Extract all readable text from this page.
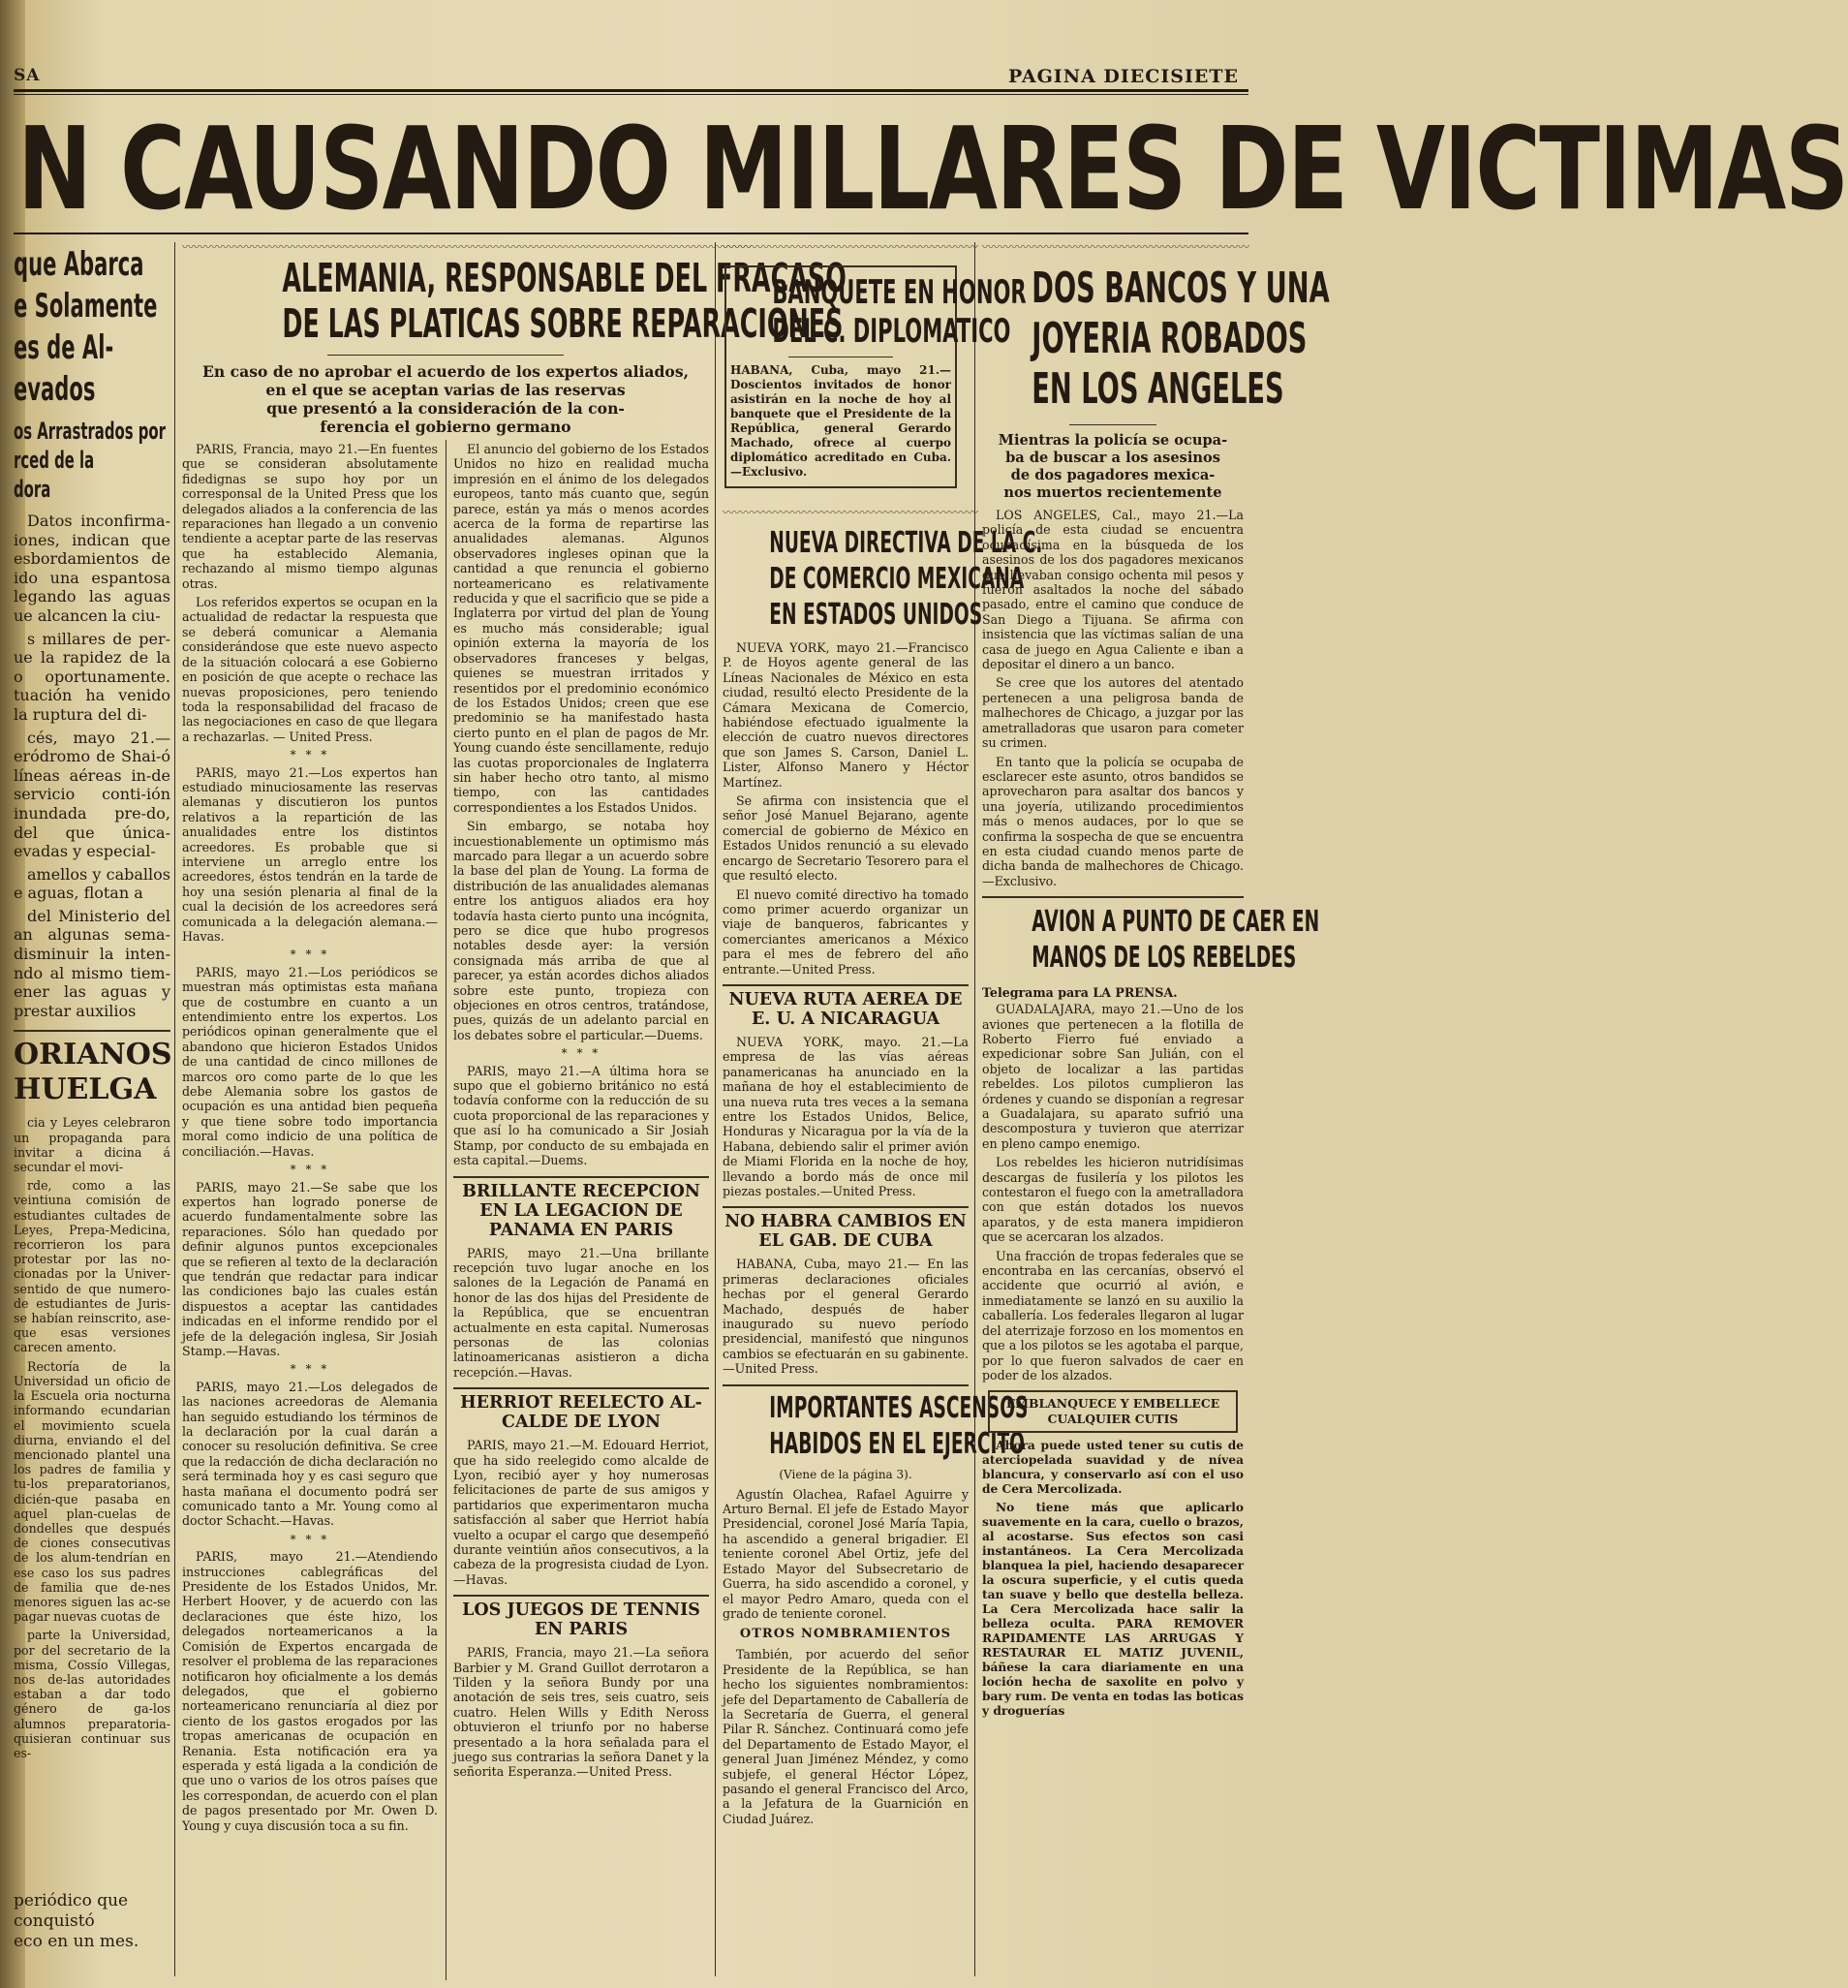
SA	PAGINA DIECISIETE
N CAUSANDO MILLARES DE VICTIMAS
que Abarca
e Solamente
es de Al-
evados
os Arrastrados por
rced de la
dora

Datos inconfirma-iones, indican que esbordamientos de ido una espantosa legando las aguas ue alcancen la ciu-

s millares de per-ue la rapidez de la o oportunamente. tuación ha venido la ruptura del di-

cés, mayo 21.— eródromo de Shai-ó líneas aéreas in-de servicio conti-ión inundada pre-do, del que única-evadas y especial-

amellos y caballos e aguas, flotan a

del Ministerio del an algunas sema-disminuir la inten-ndo al mismo tiem-ener las aguas y prestar auxilios

ORIANOS
HUELGA

cia y Leyes celebraron un propaganda para invitar a dicina á secundar el movi-

rde, como a las veintiuna comisión de estudiantes cultades de Leyes, Prepa-Medicina, recorrieron los para protestar por las no-cionadas por la Univer-sentido de que numero-de estudiantes de Juris-se habían reinscrito, ase-que esas versiones carecen amento.

Rectoría de la Universidad un oficio de la Escuela oria nocturna informando ecundarian el movimiento scuela diurna, enviando el del mencionado plantel una los padres de familia y tu-los preparatorianos, dicién-que pasaba en aquel plan-cuelas de dondelles que después de ciones consecutivas de los alum-tendrían en ese caso los sus padres de familia que de-nes menores siguen las ac-se pagar nuevas cuotas de

parte la Universidad, por del secretario de la misma, Cossío Villegas, nos de-las autoridades estaban a dar todo género de ga-los alumnos preparatoria-quisieran continuar sus es-

periódico que conquistó
eco en un mes.
〰〰〰〰〰〰〰〰〰〰〰〰〰〰〰〰〰〰〰〰〰〰〰〰〰〰〰〰〰〰〰〰〰〰〰〰〰〰〰〰〰〰〰〰〰〰〰〰〰
ALEMANIA, RESPONSABLE DEL FRACASO
DE LAS PLATICAS SOBRE REPARACIONES
En caso de no aprobar el acuerdo de los expertos aliados,
en el que se aceptan varias de las reservas
que presentó a la consideración de la con-
ferencia el gobierno germano

PARIS, Francia, mayo 21.—En fuentes que se consideran absolutamente fidedignas se supo hoy por un corresponsal de la United Press que los delegados aliados a la conferencia de las reparaciones han llegado a un convenio tendiente a aceptar parte de las reservas que ha establecido Alemania, rechazando al mismo tiempo algunas otras.

Los referidos expertos se ocupan en la actualidad de redactar la respuesta que se deberá comunicar a Alemania considerándose que este nuevo aspecto de la situación colocará a ese Gobierno en posición de que acepte o rechace las nuevas proposiciones, pero teniendo toda la responsabilidad del fracaso de las negociaciones en caso de que llegara a rechazarlas. — United Press.

* * *

PARIS, mayo 21.—Los expertos han estudiado minuciosamente las reservas alemanas y discutieron los puntos relativos a la repartición de las anualidades entre los distintos acreedores. Es probable que si interviene un arreglo entre los acreedores, éstos tendrán en la tarde de hoy una sesión plenaria al final de la cual la decisión de los acreedores será comunicada a la delegación alemana.—Havas.

* * *

PARIS, mayo 21.—Los periódicos se muestran más optimistas esta mañana que de costumbre en cuanto a un entendimiento entre los expertos. Los periódicos opinan generalmente que el abandono que hicieron Estados Unidos de una cantidad de cinco millones de marcos oro como parte de lo que les debe Alemania sobre los gastos de ocupación es una antidad bien pequeña y que tiene sobre todo importancia moral como indicio de una política de conciliación.—Havas.

* * *

PARIS, mayo 21.—Se sabe que los expertos han logrado ponerse de acuerdo fundamentalmente sobre las reparaciones. Sólo han quedado por definir algunos puntos excepcionales que se refieren al texto de la declaración que tendrán que redactar para indicar las condiciones bajo las cuales están dispuestos a aceptar las cantidades indicadas en el informe rendido por el jefe de la delegación inglesa, Sir Josiah Stamp.—Havas.

* * *

PARIS, mayo 21.—Los delegados de las naciones acreedoras de Alemania han seguido estudiando los términos de la declaración por la cual darán a conocer su resolución definitiva. Se cree que la redacción de dicha declaración no será terminada hoy y es casi seguro que hasta mañana el documento podrá ser comunicado tanto a Mr. Young como al doctor Schacht.—Havas.

* * *

PARIS, mayo 21.—Atendiendo instrucciones cablegráficas del Presidente de los Estados Unidos, Mr. Herbert Hoover, y de acuerdo con las declaraciones que éste hizo, los delegados norteamericanos a la Comisión de Expertos encargada de resolver el problema de las reparaciones notificaron hoy oficialmente a los demás delegados, que el gobierno norteamericano renunciaría al diez por ciento de los gastos erogados por las tropas americanas de ocupación en Renania. Esta notificación era ya esperada y está ligada a la condición de que uno o varios de los otros países que les correspondan, de acuerdo con el plan de pagos presentado por Mr. Owen D. Young y cuya discusión toca a su fin.

El anuncio del gobierno de los Estados Unidos no hizo en realidad mucha impresión en el ánimo de los delegados europeos, tanto más cuanto que, según parece, están ya más o menos acordes acerca de la forma de repartirse las anualidades alemanas. Algunos observadores ingleses opinan que la cantidad a que renuncia el gobierno norteamericano es relativamente reducida y que el sacrificio que se pide a Inglaterra por virtud del plan de Young es mucho más considerable; igual opinión externa la mayoría de los observadores franceses y belgas, quienes se muestran irritados y resentidos por el predominio económico de los Estados Unidos; creen que ese predominio se ha manifestado hasta cierto punto en el plan de pagos de Mr. Young cuando éste sencillamente, redujo las cuotas proporcionales de Inglaterra sin haber hecho otro tanto, al mismo tiempo, con las cantidades correspondientes a los Estados Unidos.

Sin embargo, se notaba hoy incuestionablemente un optimismo más marcado para llegar a un acuerdo sobre la base del plan de Young. La forma de distribución de las anualidades alemanas entre los antiguos aliados era hoy todavía hasta cierto punto una incógnita, pero se dice que hubo progresos notables desde ayer: la versión consignada más arriba de que al parecer, ya están acordes dichos aliados sobre este punto, tropieza con objeciones en otros centros, tratándose, pues, quizás de un adelanto parcial en los debates sobre el particular.—Duems.

* * *

PARIS, mayo 21.—A última hora se supo que el gobierno británico no está todavía conforme con la reducción de su cuota proporcional de las reparaciones y que así lo ha comunicado a Sir Josiah Stamp, por conducto de su embajada en esta capital.—Duems.

BRILLANTE RECEPCION
EN LA LEGACION DE
PANAMA EN PARIS

PARIS, mayo 21.—Una brillante recepción tuvo lugar anoche en los salones de la Legación de Panamá en honor de las dos hijas del Presidente de la República, que se encuentran actualmente en esta capital. Numerosas personas de las colonias latinoamericanas asistieron a dicha recepción.—Havas.

HERRIOT REELECTO AL-
CALDE DE LYON

PARIS, mayo 21.—M. Edouard Herriot, que ha sido reelegido como alcalde de Lyon, recibió ayer y hoy numerosas felicitaciones de parte de sus amigos y partidarios que experimentaron mucha satisfacción al saber que Herriot había vuelto a ocupar el cargo que desempeñó durante veintiún años consecutivos, a la cabeza de la progresista ciudad de Lyon.—Havas.

LOS JUEGOS DE TENNIS
EN PARIS

PARIS, Francia, mayo 21.—La señora Barbier y M. Grand Guillot derrotaron a Tilden y la señora Bundy por una anotación de seis tres, seis cuatro, seis cuatro. Helen Wills y Edith Neross obtuvieron el triunfo por no haberse presentado a la hora señalada para el juego sus contrarias la señora Danet y la señorita Esperanza.—United Press.

〰〰〰〰〰〰〰〰〰〰〰〰〰〰〰〰〰〰〰〰〰〰
BANQUETE EN HONOR
DEL C. DIPLOMATICO
HABANA, Cuba, mayo 21.—Doscientos invitados de honor asistirán en la noche de hoy al banquete que el Presidente de la República, general Gerardo Machado, ofrece al cuerpo diplomático acreditado en Cuba.—Exclusivo.
〰〰〰〰〰〰〰〰〰〰〰〰〰〰〰〰〰〰〰〰〰〰
NUEVA DIRECTIVA DE LA C.
DE COMERCIO MEXICANA
EN ESTADOS UNIDOS

NUEVA YORK, mayo 21.—Francisco P. de Hoyos agente general de las Líneas Nacionales de México en esta ciudad, resultó electo Presidente de la Cámara Mexicana de Comercio, habiéndose efectuado igualmente la elección de cuatro nuevos directores que son James S. Carson, Daniel L. Lister, Alfonso Manero y Héctor Martínez.

Se afirma con insistencia que el señor José Manuel Bejarano, agente comercial de gobierno de México en Estados Unidos renunció a su elevado encargo de Secretario Tesorero para el que resultó electo.

El nuevo comité directivo ha tomado como primer acuerdo organizar un viaje de banqueros, fabricantes y comerciantes americanos a México para el mes de febrero del año entrante.—United Press.

NUEVA RUTA AEREA DE
E. U. A NICARAGUA

NUEVA YORK, mayo. 21.—La empresa de las vías aéreas panamericanas ha anunciado en la mañana de hoy el establecimiento de una nueva ruta tres veces a la semana entre los Estados Unidos, Belice, Honduras y Nicaragua por la vía de la Habana, debiendo salir el primer avión de Miami Florida en la noche de hoy, llevando a bordo más de once mil piezas postales.—United Press.

NO HABRA CAMBIOS EN
EL GAB. DE CUBA

HABANA, Cuba, mayo 21.— En las primeras declaraciones oficiales hechas por el general Gerardo Machado, después de haber inaugurado su nuevo período presidencial, manifestó que ningunos cambios se efectuarán en su gabinente.—United Press.

IMPORTANTES ASCENSOS
HABIDOS EN EL EJERCITO
(Viene de la página 3).

Agustín Olachea, Rafael Aguirre y Arturo Bernal. El jefe de Estado Mayor Presidencial, coronel José María Tapia, ha ascendido a general brigadier. El teniente coronel Abel Ortiz, jefe del Estado Mayor del Subsecretario de Guerra, ha sido ascendido a coronel, y el mayor Pedro Amaro, queda con el grado de teniente coronel.

OTROS NOMBRAMIENTOS

También, por acuerdo del señor Presidente de la República, se han hecho los siguientes nombramientos: jefe del Departamento de Caballería de la Secretaría de Guerra, el general Pilar R. Sánchez. Continuará como jefe del Departamento de Estado Mayor, el general Juan Jiménez Méndez, y como subjefe, el general Héctor López, pasando el general Francisco del Arco, a la Jefatura de la Guarnición en Ciudad Juárez.

〰〰〰〰〰〰〰〰〰〰〰〰〰〰〰〰〰〰〰〰〰〰〰
DOS BANCOS Y UNA
JOYERIA ROBADOS
EN LOS ANGELES
Mientras la policía se ocupa-
ba de buscar a los asesinos
de dos pagadores mexica-
nos muertos recientemente

LOS ANGELES, Cal., mayo 21.—La policía de esta ciudad se encuentra ocupadísima en la búsqueda de los asesinos de los dos pagadores mexicanos que llevaban consigo ochenta mil pesos y fueron asaltados la noche del sábado pasado, entre el camino que conduce de San Diego a Tijuana. Se afirma con insistencia que las víctimas salían de una casa de juego en Agua Caliente e iban a depositar el dinero a un banco.

Se cree que los autores del atentado pertenecen a una peligrosa banda de malhechores de Chicago, a juzgar por las ametralladoras que usaron para cometer su crimen.

En tanto que la policía se ocupaba de esclarecer este asunto, otros bandidos se aprovecharon para asaltar dos bancos y una joyería, utilizando procedimientos más o menos audaces, por lo que se confirma la sospecha de que se encuentra en esta ciudad cuando menos parte de dicha banda de malhechores de Chicago.—Exclusivo.

AVION A PUNTO DE CAER EN
MANOS DE LOS REBELDES
Telegrama para LA PRENSA.

GUADALAJARA, mayo 21.—Uno de los aviones que pertenecen a la flotilla de Roberto Fierro fué enviado a expedicionar sobre San Julián, con el objeto de localizar a las partidas rebeldes. Los pilotos cumplieron las órdenes y cuando se disponían a regresar a Guadalajara, su aparato sufrió una descompostura y tuvieron que aterrizar en pleno campo enemigo.

Los rebeldes les hicieron nutridísimas descargas de fusilería y los pilotos les contestaron el fuego con la ametralladora con que están dotados los nuevos aparatos, y de esta manera impidieron que se acercaran los alzados.

Una fracción de tropas federales que se encontraba en las cercanías, observó el accidente que ocurrió al avión, e inmediatamente se lanzó en su auxilio la caballería. Los federales llegaron al lugar del aterrizaje forzoso en los momentos en que a los pilotos se les agotaba el parque, por lo que fueron salvados de caer en poder de los alzados.

EMBLANQUECE Y EMBELLECE
CUALQUIER CUTIS

Ahora puede usted tener su cutis de aterciopelada suavidad y de nívea blancura, y conservarlo así con el uso de Cera Mercolizada.

No tiene más que aplicarlo suavemente en la cara, cuello o brazos, al acostarse. Sus efectos son casi instantáneos. La Cera Mercolizada blanquea la piel, haciendo desaparecer la oscura superficie, y el cutis queda tan suave y bello que destella belleza. La Cera Mercolizada hace salir la belleza oculta. PARA REMOVER RAPIDAMENTE LAS ARRUGAS Y RESTAURAR EL MATIZ JUVENIL, báñese la cara diariamente en una loción hecha de saxolite en polvo y bary rum. De venta en todas las boticas y droguerías
